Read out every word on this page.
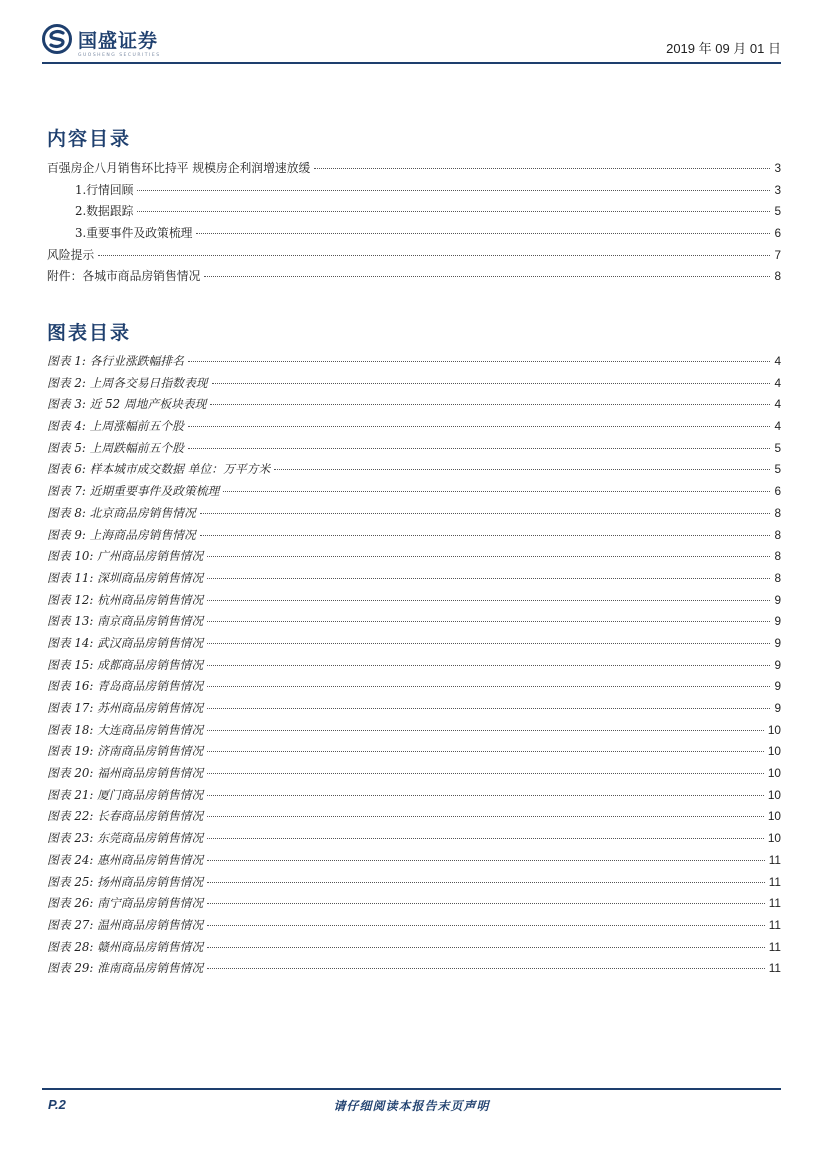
国盛证券
GUOSHENG SECURITIES	2019 年 09 月 01 日
内容目录
百强房企八月销售环比持平 规模房企利润增速放缓	3
1.行情回顾	3
2.数据跟踪	5
3.重要事件及政策梳理	6
风险提示	7
附件：各城市商品房销售情况	8
图表目录
图表 1: 各行业涨跌幅排名	4
图表 2: 上周各交易日指数表现	4
图表 3: 近 52 周地产板块表现	4
图表 4: 上周涨幅前五个股	4
图表 5: 上周跌幅前五个股	5
图表 6: 样本城市成交数据 单位：万平方米	5
图表 7: 近期重要事件及政策梳理	6
图表 8: 北京商品房销售情况	8
图表 9: 上海商品房销售情况	8
图表 10: 广州商品房销售情况	8
图表 11: 深圳商品房销售情况	8
图表 12: 杭州商品房销售情况	9
图表 13: 南京商品房销售情况	9
图表 14: 武汉商品房销售情况	9
图表 15: 成都商品房销售情况	9
图表 16: 青岛商品房销售情况	9
图表 17: 苏州商品房销售情况	9
图表 18: 大连商品房销售情况	10
图表 19: 济南商品房销售情况	10
图表 20: 福州商品房销售情况	10
图表 21: 厦门商品房销售情况	10
图表 22: 长春商品房销售情况	10
图表 23: 东莞商品房销售情况	10
图表 24: 惠州商品房销售情况	11
图表 25: 扬州商品房销售情况	11
图表 26: 南宁商品房销售情况	11
图表 27: 温州商品房销售情况	11
图表 28: 赣州商品房销售情况	11
图表 29: 淮南商品房销售情况	11
P.2	请仔细阅读本报告末页声明
